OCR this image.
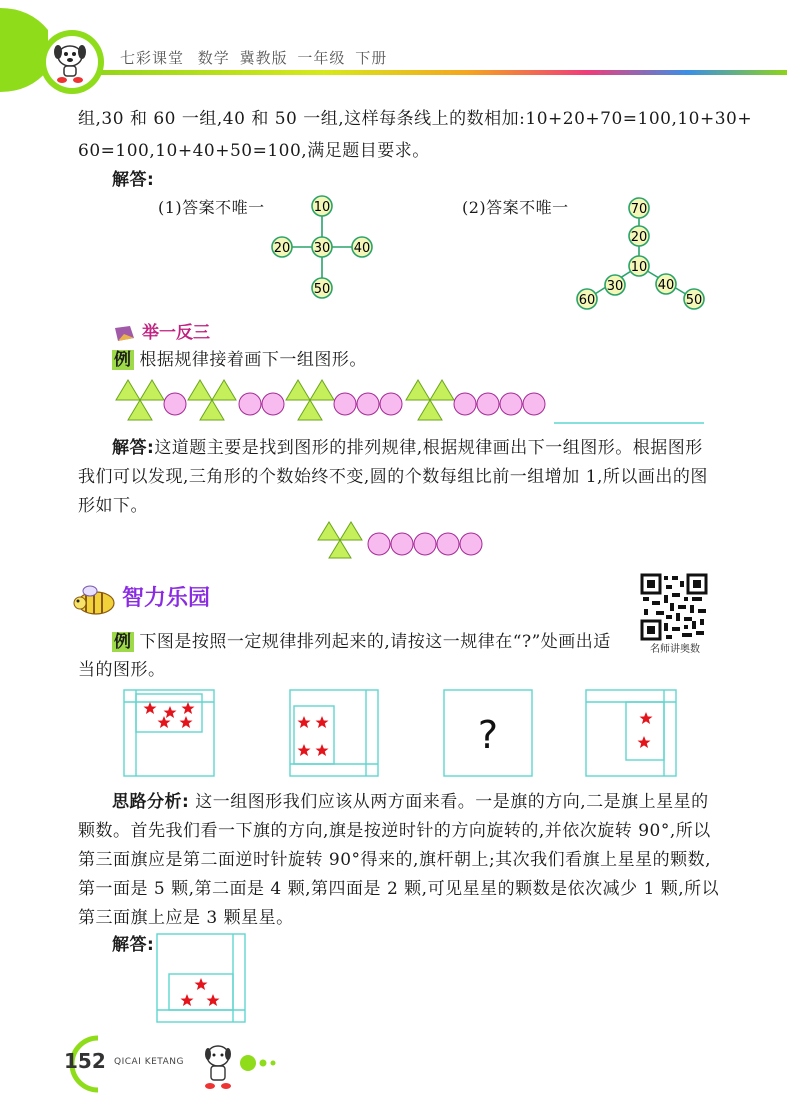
七彩课堂 数学 冀教版 一年级 下册
组,30 和 60 一组,40 和 50 一组,这样每条线上的数相加:10+20+70=100,10+30+
60=100,10+40+50=100,满足题目要求。
解答:
(1)答案不唯一	(2)答案不唯一
10
20 30 40
50
70
20
10
30
60
40
50
举一反三
例 根据规律接着画下一组图形。
解答:这道题主要是找到图形的排列规律,根据规律画出下一组图形。根据图形
我们可以发现,三角形的个数始终不变,圆的个数每组比前一组增加 1,所以画出的图
形如下。
智力乐园
名师讲奥数
例 下图是按照一定规律排列起来的,请按这一规律在“?”处画出适
当的图形。
?
思路分析: 这一组图形我们应该从两方面来看。一是旗的方向,二是旗上星星的
颗数。首先我们看一下旗的方向,旗是按逆时针的方向旋转的,并依次旋转 90°,所以
第三面旗应是第二面逆时针旋转 90°得来的,旗杆朝上;其次我们看旗上星星的颗数,
第一面是 5 颗,第二面是 4 颗,第四面是 2 颗,可见星星的颗数是依次减少 1 颗,所以
第三面旗上应是 3 颗星星。
解答:
152 QICAI KETANG
